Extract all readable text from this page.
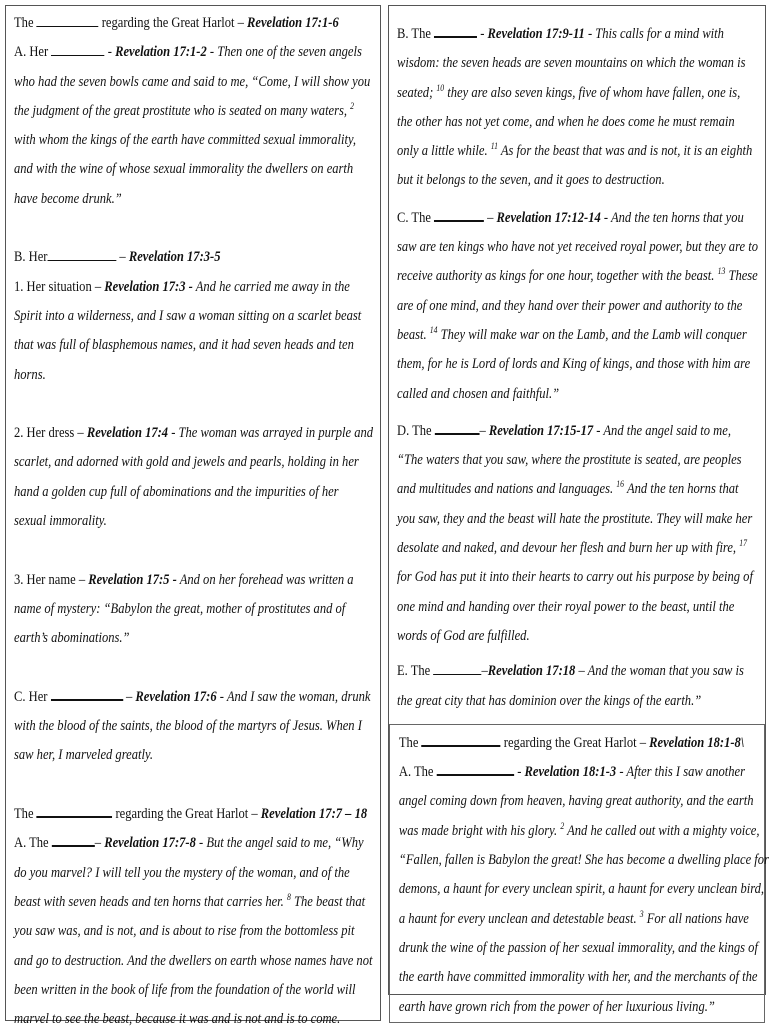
The	regarding the Great Harlot – Revelation 17:1-6

A. Her	- Revelation 17:1-2 - Then one of the seven angels who had the seven bowls came and said to me, “Come, I will show you the judgment of the great prostitute who is seated on many waters, $^2$ with whom the kings of the earth have committed sexual immorality, and with the wine of whose sexual immorality the dwellers on earth have become drunk.”

B. Her	– Revelation 17:3-5

1. Her situation – Revelation 17:3 - And he carried me away in the Spirit into a wilderness, and I saw a woman sitting on a scarlet beast that was full of blasphemous names, and it had seven heads and ten horns.

2. Her dress – Revelation 17:4 - The woman was arrayed in purple and scarlet, and adorned with gold and jewels and pearls, holding in her hand a golden cup full of abominations and the impurities of her sexual immorality.

3. Her name – Revelation 17:5 - And on her forehead was written a name of mystery: “Babylon the great, mother of prostitutes and of earth’s abominations.”

C. Her	– Revelation 17:6 - And I saw the woman, drunk with the blood of the saints, the blood of the martyrs of Jesus. When I saw her, I marveled greatly.

The	regarding the Great Harlot – Revelation 17:7 – 18

A. The	– Revelation 17:7-8 - But the angel said to me, “Why do you marvel? I will tell you the mystery of the woman, and of the beast with seven heads and ten horns that carries her. $^8$ The beast that you saw was, and is not, and is about to rise from the bottomless pit and go to destruction. And the dwellers on earth whose names have not been written in the book of life from the foundation of the world will marvel to see the beast, because it was and is not and is to come.

B. The	- Revelation 17:9-11 - This calls for a mind with wisdom: the seven heads are seven mountains on which the woman is seated; $^{10}$ they are also seven kings, five of whom have fallen, one is, the other has not yet come, and when he does come he must remain only a little while. $^{11}$ As for the beast that was and is not, it is an eighth but it belongs to the seven, and it goes to destruction.

C. The	– Revelation 17:12-14 - And the ten horns that you saw are ten kings who have not yet received royal power, but they are to receive authority as kings for one hour, together with the beast. $^{13}$ These are of one mind, and they hand over their power and authority to the beast. $^{14}$ They will make war on the Lamb, and the Lamb will conquer them, for he is Lord of lords and King of kings, and those with him are called and chosen and faithful.”

D. The	– Revelation 17:15-17 - And the angel said to me, “The waters that you saw, where the prostitute is seated, are peoples and multitudes and nations and languages. $^{16}$ And the ten horns that you saw, they and the beast will hate the prostitute. They will make her desolate and naked, and devour her flesh and burn her up with fire, $^{17}$ for God has put it into their hearts to carry out his purpose by being of one mind and handing over their royal power to the beast, until the words of God are fulfilled.

E. The	–Revelation 17:18 – And the woman that you saw is the great city that has dominion over the kings of the earth.”

The	regarding the Great Harlot – Revelation 18:1-8\

A. The	- Revelation 18:1-3 - After this I saw another angel coming down from heaven, having great authority, and the earth was made bright with his glory. $^2$ And he called out with a mighty voice, “Fallen, fallen is Babylon the great! She has become a dwelling place for demons, a haunt for every unclean spirit, a haunt for every unclean bird, a haunt for every unclean and detestable beast. $^3$ For all nations have drunk the wine of the passion of her sexual immorality, and the kings of the earth have committed immorality with her, and the merchants of the earth have grown rich from the power of her luxurious living.”
